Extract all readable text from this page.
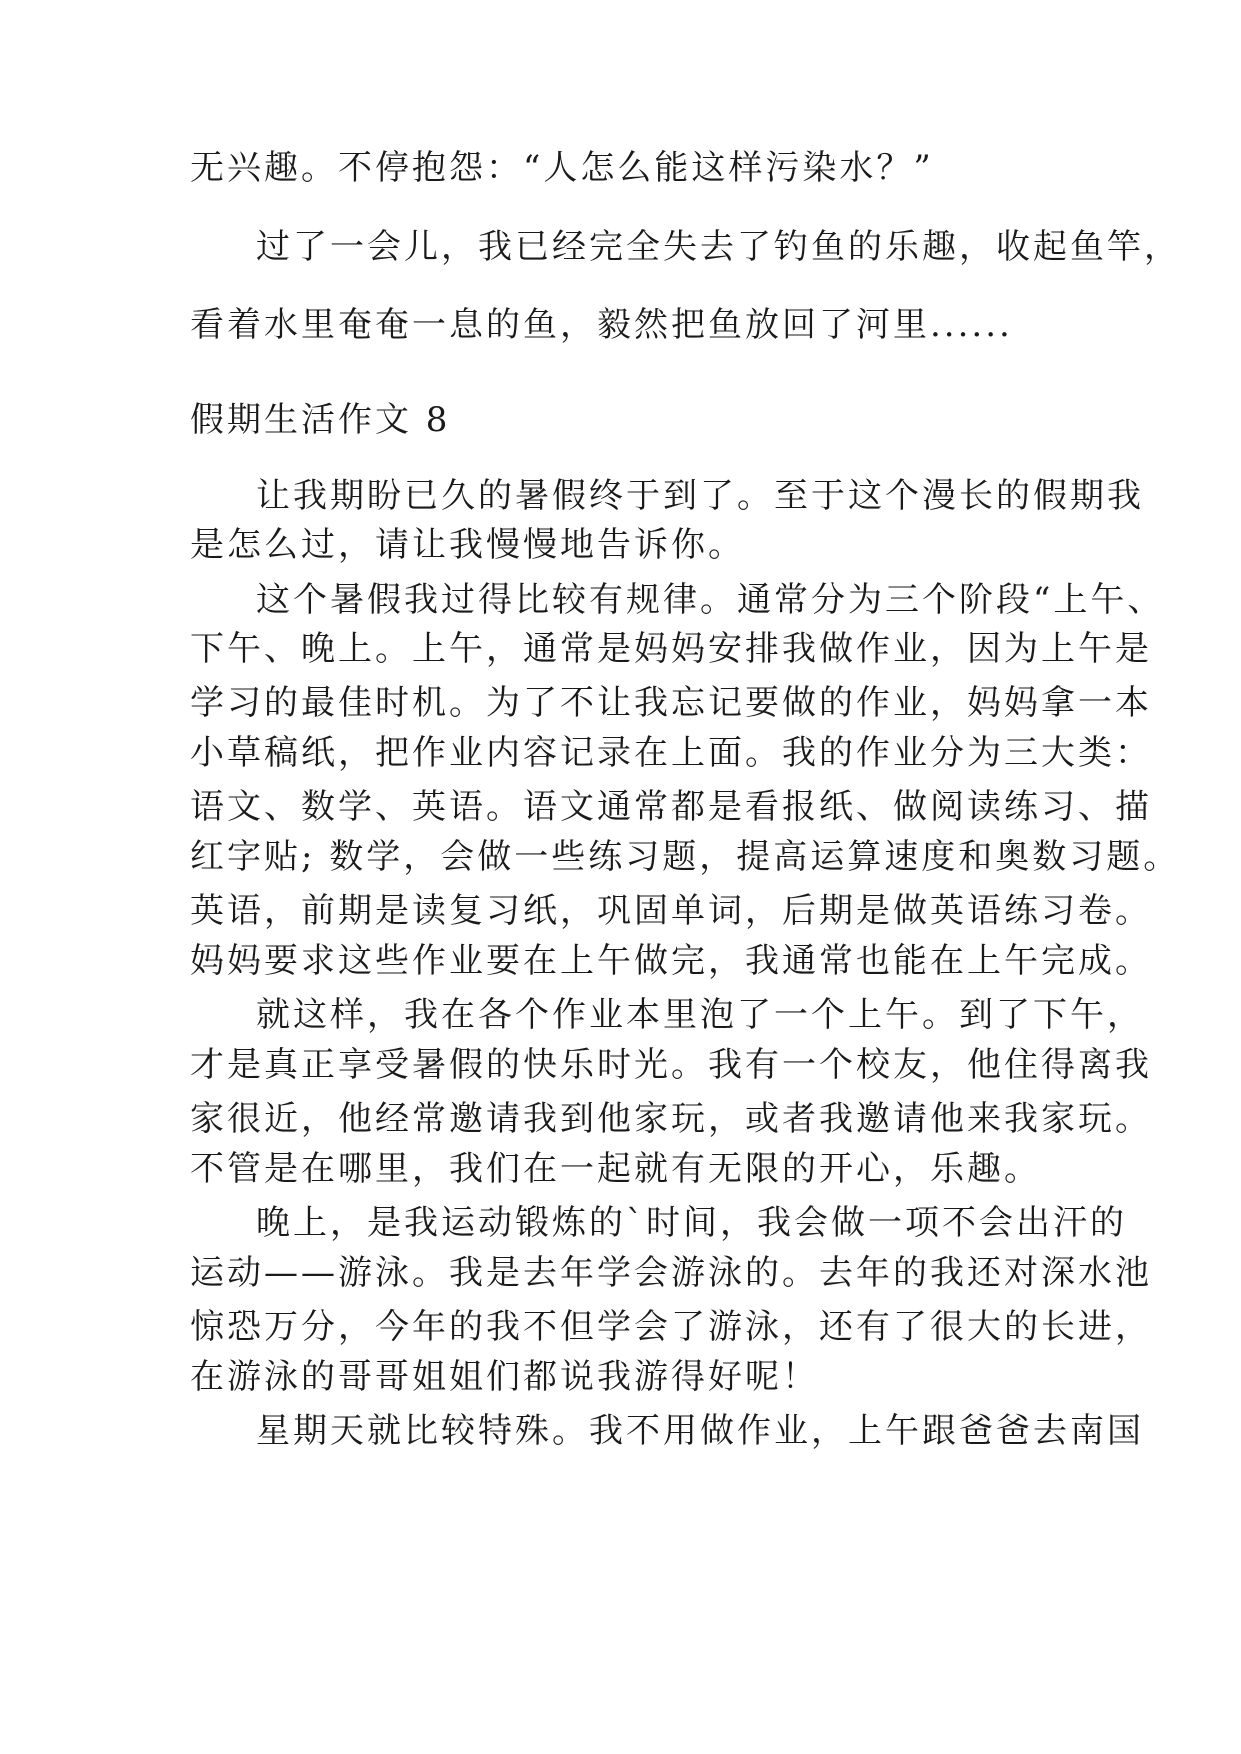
无兴趣。不停抱怨：“人怎么能这样污染水？”
过了一会儿，我已经完全失去了钓鱼的乐趣，收起鱼竿，
看着水里奄奄一息的鱼，毅然把鱼放回了河里......
假期生活作文 8
让我期盼已久的暑假终于到了。至于这个漫长的假期我
是怎么过，请让我慢慢地告诉你。
这个暑假我过得比较有规律。通常分为三个阶段“上午、
下午、晚上。上午，通常是妈妈安排我做作业，因为上午是
学习的最佳时机。为了不让我忘记要做的作业，妈妈拿一本
小草稿纸，把作业内容记录在上面。我的作业分为三大类：
语文、数学、英语。语文通常都是看报纸、做阅读练习、描
红字贴; 数学，会做一些练习题，提高运算速度和奥数习题。
英语，前期是读复习纸，巩固单词，后期是做英语练习卷。
妈妈要求这些作业要在上午做完，我通常也能在上午完成。
就这样，我在各个作业本里泡了一个上午。到了下午，
才是真正享受暑假的快乐时光。我有一个校友，他住得离我
家很近，他经常邀请我到他家玩，或者我邀请他来我家玩。
不管是在哪里，我们在一起就有无限的开心，乐趣。
晚上，是我运动锻炼的`时间，我会做一项不会出汗的
运动——游泳。我是去年学会游泳的。去年的我还对深水池
惊恐万分，今年的我不但学会了游泳，还有了很大的长进，
在游泳的哥哥姐姐们都说我游得好呢！
星期天就比较特殊。我不用做作业，上午跟爸爸去南国
